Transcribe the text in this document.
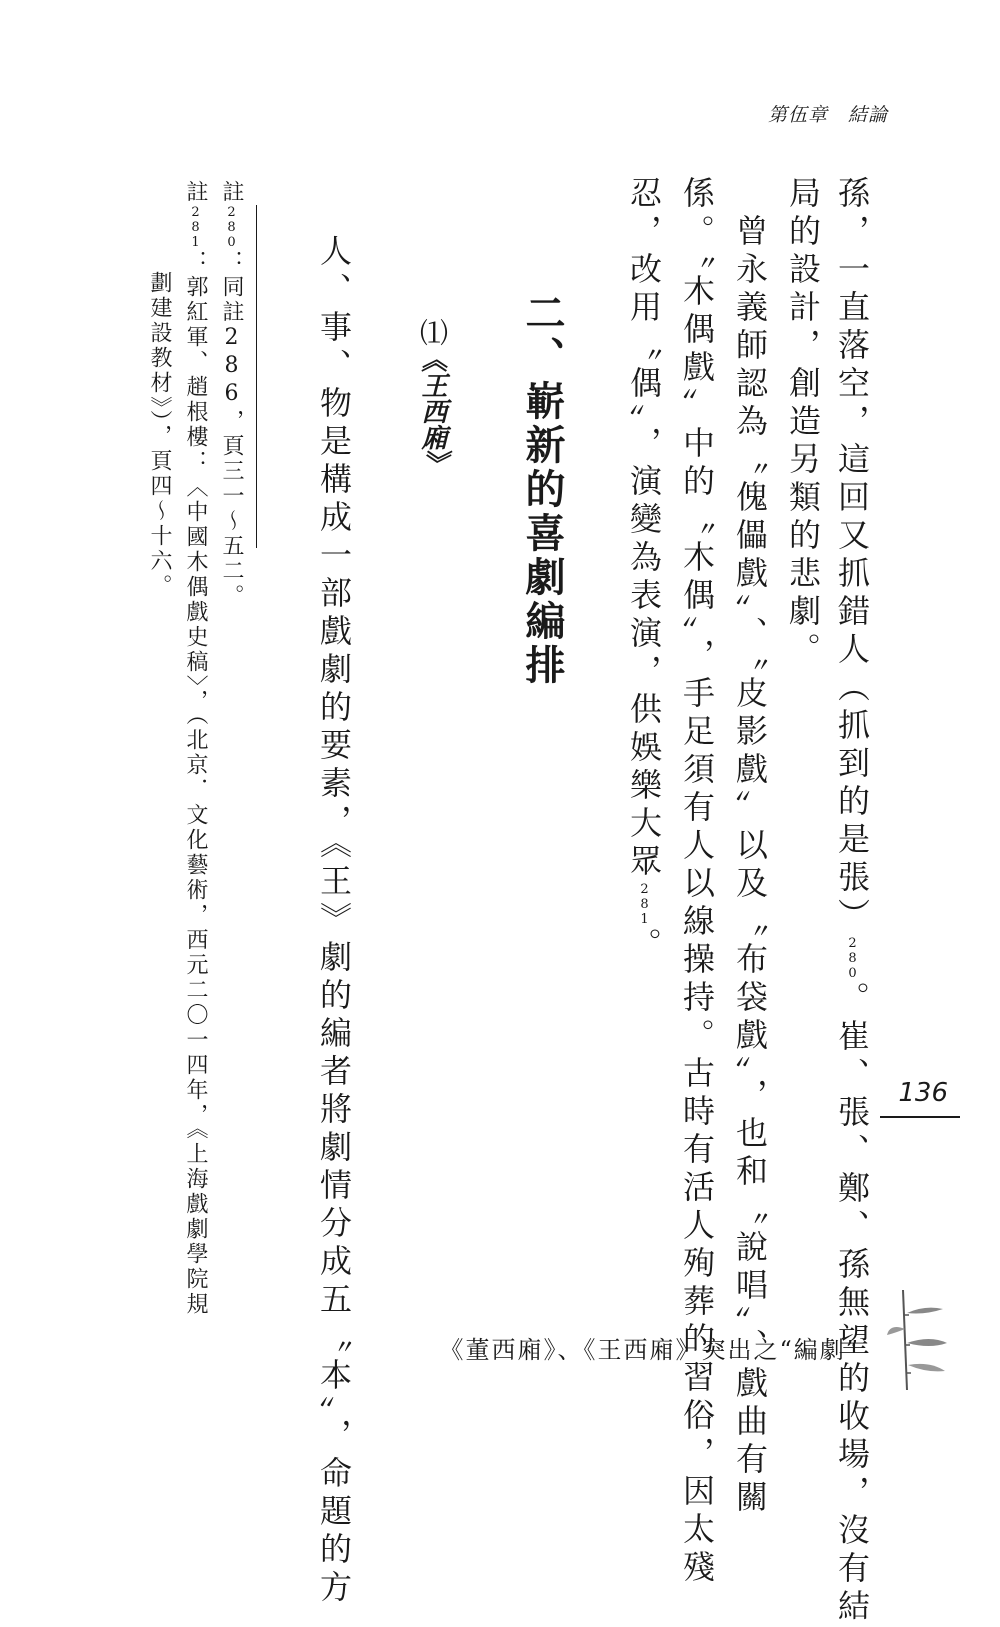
第伍章　結論
孫，一直落空，這回又抓錯人（抓到的是張）280。崔、張、鄭、孫無望的收場，沒有結
局的設計，創造另類的悲劇。
　曾永義師認為〝傀儡戲〞、〝皮影戲〞以及〝布袋戲〞，也和〝說唱〞、戲曲有關
係。〝木偶戲〞中的〝木偶〞，手足須有人以線操持。古時有活人殉葬的習俗，因太殘
忍，改用〝偶〞，演變為表演，供娛樂大眾281。
二、嶄新的喜劇編排
⑴《王西廂》
人、事、物是構成一部戲劇的要素，《王》劇的編者將劇情分成五〝本〞，命題的方
註280：同註286，頁三一～五二。
註281：郭紅軍、趙根樓：〈中國木偶戲史稿〉，（北京．文化藝術，西元二〇一四年，《上海戲劇學院規
劃建設教材》），頁四～十六。
136
《董西廂》、《王西廂》突出之“編劇”
